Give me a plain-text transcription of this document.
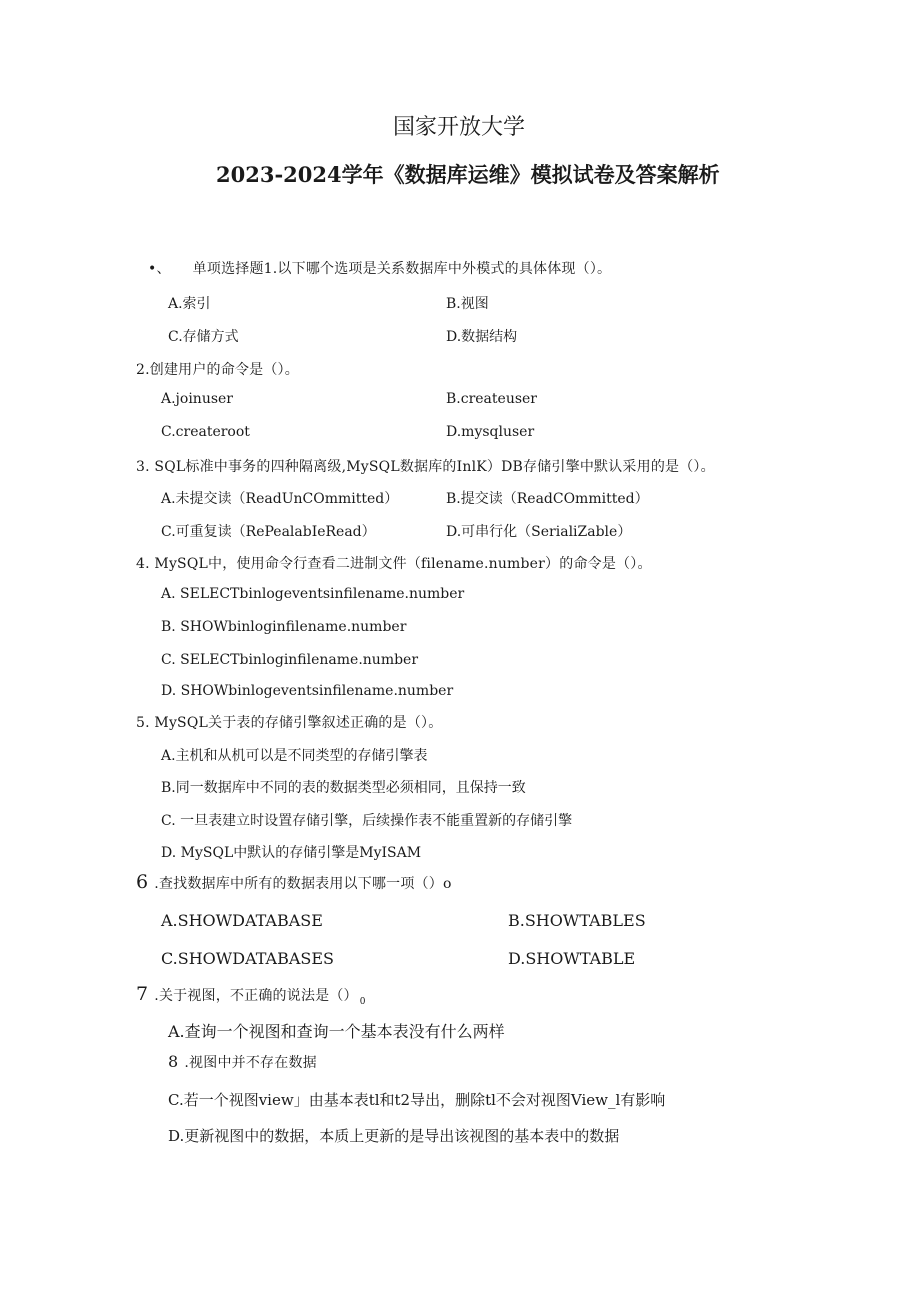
国家开放大学
2023-2024学年《数据库运维》模拟试卷及答案解析
•、 单项选择题1.以下哪个选项是关系数据库中外模式的具体体现（）。
A.索引	B.视图
C.存储方式	D.数据结构
2.创建用户的命令是（）。
A.joinuser	B.createuser
C.createroot	D.mysqluser
3. SQL标准中事务的四种隔离级,MySQL数据库的InlK）DB存储引擎中默认采用的是（）。
A.未提交读（ReadUnCOmmitted）	B.提交读（ReadCOmmitted）
C.可重复读（RePealabIeRead）	D.可串行化（SerialiZable）
4. MySQL中，使用命令行查看二进制文件（filename.number）的命令是（）。
A. SELECTbinlogeventsinfilename.number
B. SHOWbinloginfilename.number
C. SELECTbinloginfilename.number
D. SHOWbinlogeventsinfilename.number
5. MySQL关于表的存储引擎叙述正确的是（）。
A.主机和从机可以是不同类型的存储引擎表
B.同一数据库中不同的表的数据类型必须相同，且保持一致
C. 一旦表建立时设置存储引擎，后续操作表不能重置新的存储引擎
D. MySQL中默认的存储引擎是MyISAM
6 .查找数据库中所有的数据表用以下哪一项（）o
A.SHOWDATABASE	B.SHOWTABLES
C.SHOWDATABASES	D.SHOWTABLE
7 .关于视图，不正确的说法是（） $_0$
A.查询一个视图和查询一个基本表没有什么两样
8 .视图中并不存在数据
C.若一个视图view」由基本表tl和t2导出，删除tl不会对视图View_l有影响
D.更新视图中的数据，本质上更新的是导出该视图的基本表中的数据
